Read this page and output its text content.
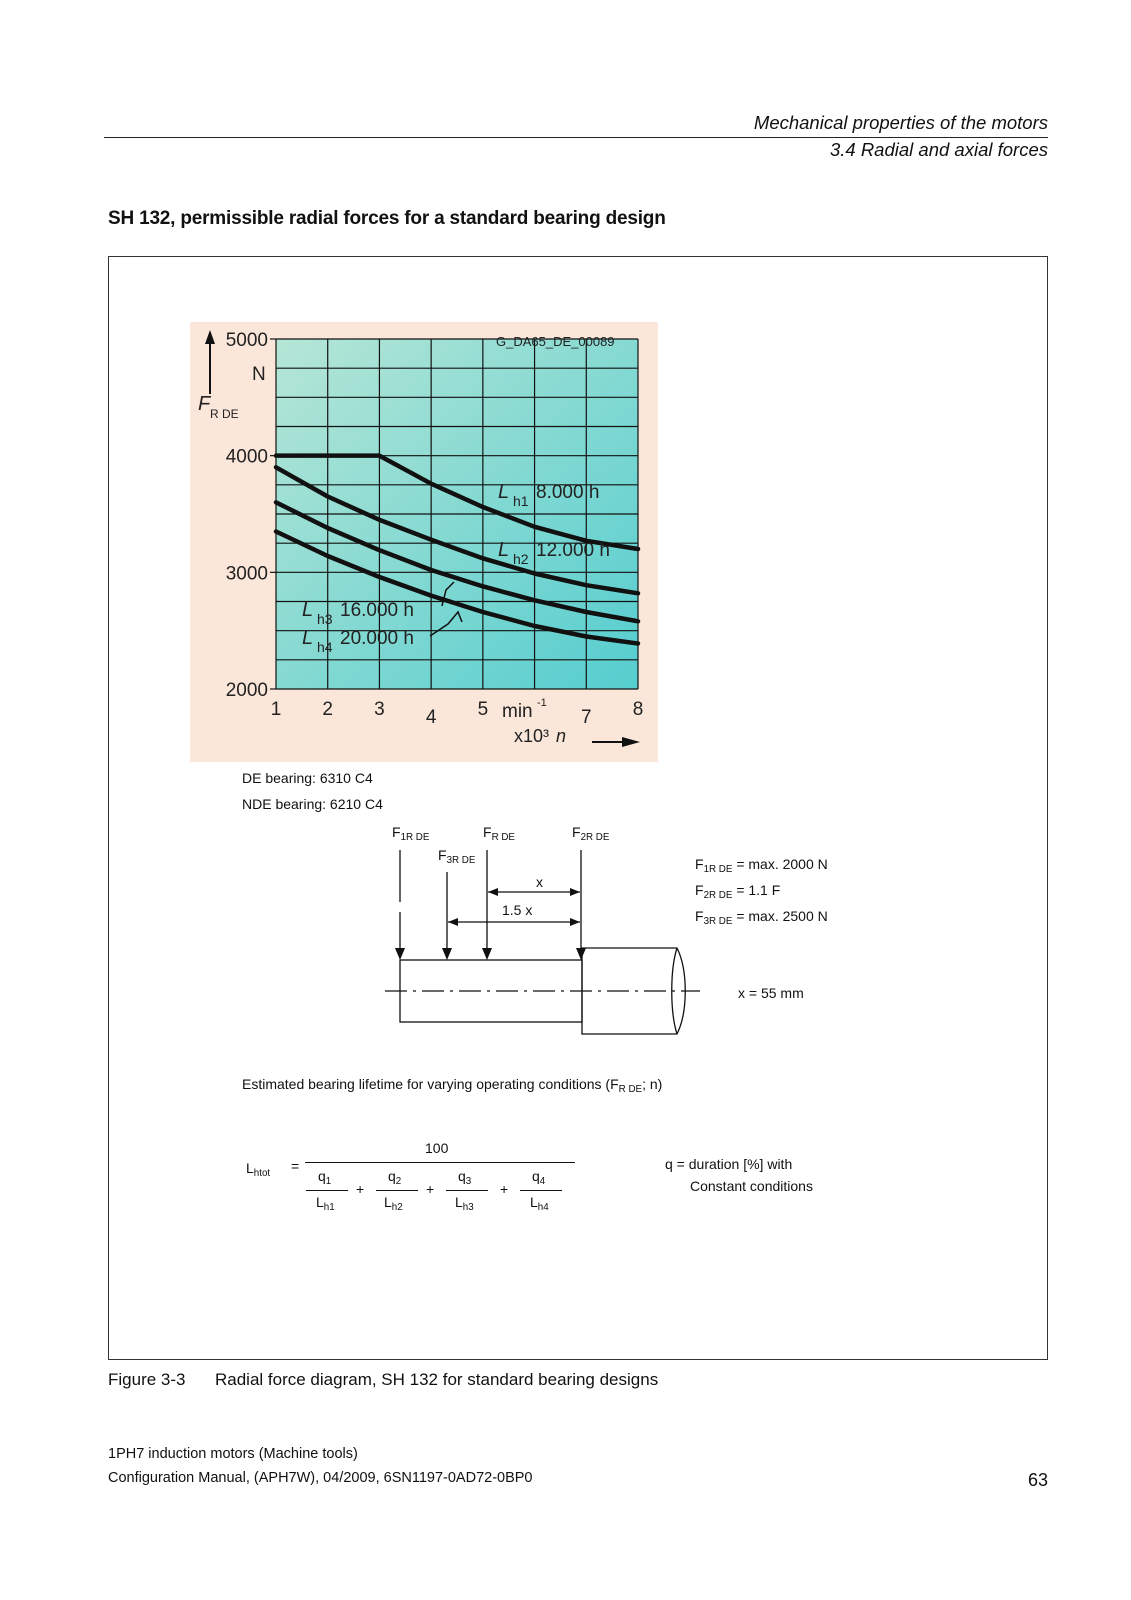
Mechanical properties of the motors
3.4 Radial and axial forces
SH 132, permissible radial forces for a standard bearing design
5000
4000
3000
2000
1 2 3 4 5	7 8
N
F R DE
G_DA65_DE_00089
min -1
x10³ n
L h1 8.000 h
L h2 12.000 h
L h3 16.000 h
L h4 20.000 h
DE bearing: 6310 C4
NDE bearing: 6210 C4
$F_{1R DE}$
$F_{3R DE}$
$F_{R DE}$	$F_{2R DE}$
x
1.5 x
$F_{1R DE} = \max$. 2000 N
$F_{2R DE} = 1.1$ F
$F_{3R DE} = \max$. 2500 N
x = 55 mm
Estimated bearing lifetime for varying operating conditions ($F_{R DE}$; n)
$L_{htot}$ =
100
$q_1$
$L_{h1}$
+
$q_2$
$L_{h2}$
+
$q_3$
$L_{h3}$
+
$q_4$
$L_{h4}$
q = duration [%] with
Constant conditions
Figure 3-3 Radial force diagram, SH 132 for standard bearing designs
1PH7 induction motors (Machine tools)
Configuration Manual, (APH7W), 04/2009, 6SN1197-0AD72-0BP0	63
